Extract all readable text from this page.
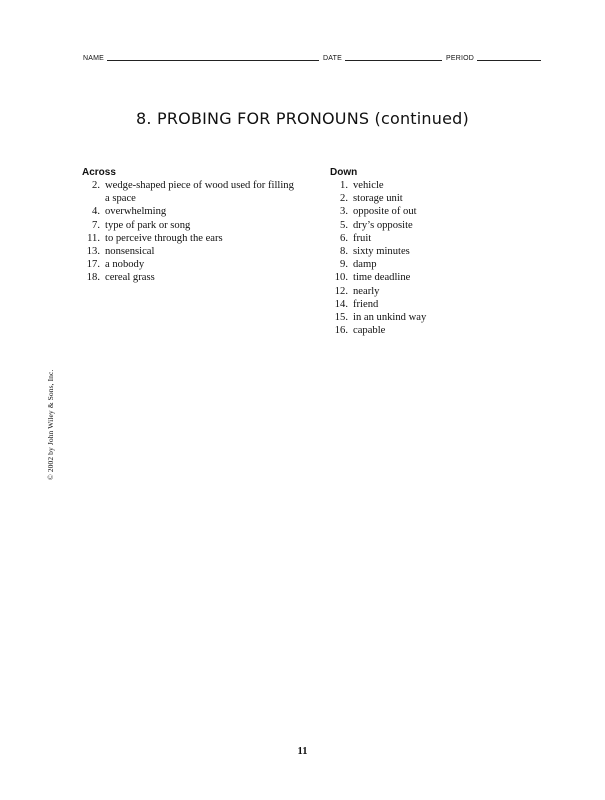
NAME	DATE	PERIOD
8. PROBING FOR PRONOUNS (continued)
Across
2. wedge-shaped piece of wood used for filling a space
4. overwhelming
7. type of park or song
11. to perceive through the ears
13. nonsensical
17. a nobody
18. cereal grass
Down
1. vehicle
2. storage unit
3. opposite of out
5. dry’s opposite
6. fruit
8. sixty minutes
9. damp
10. time deadline
12. nearly
14. friend
15. in an unkind way
16. capable
© 2002 by John Wiley & Sons, Inc.
11
